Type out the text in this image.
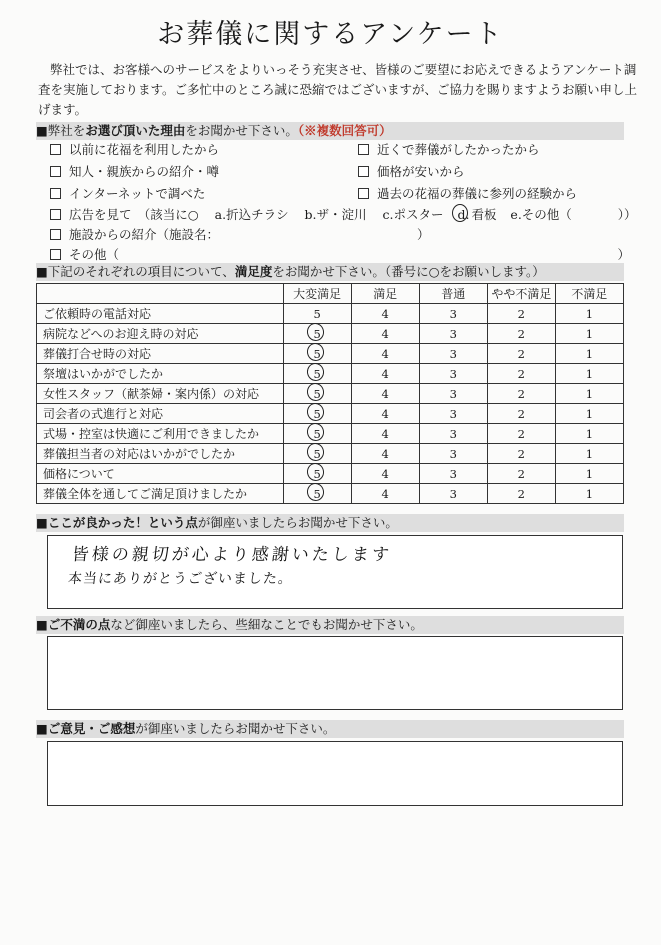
お葬儀に関するアンケート
弊社では、お客様へのサービスをよりいっそう充実させ、皆様のご要望にお応えできるようアンケート調査を実施しております。ご多忙中のところ誠に恐縮ではございますが、ご協力を賜りますようお願い申し上げます。
■弊社をお選び頂いた理由をお聞かせ下さい。（※複数回答可）
以前に花福を利用したから	近くで葬儀がしたかったから
知人・親族からの紹介・噂	価格が安いから
インターネットで調べた	過去の花福の葬儀に参列の経験から
広告を見て　（該当に○ a.折込チラシ b.ザ・淀川 c.ポスター d. 看板 e.その他（	））
施設からの紹介（施設名：	）
その他（	）
■下記のそれぞれの項目について、満足度をお聞かせ下さい。（番号に○をお願いします。）
	大変満足	満足	普通	やや不満足	不満足
ご依頼時の電話対応	5	4	3	2	1
病院などへのお迎え時の対応	5	4	3	2	1
葬儀打合せ時の対応	5	4	3	2	1
祭壇はいかがでしたか	5	4	3	2	1
女性スタッフ（献茶婦・案内係）の対応	5	4	3	2	1
司会者の式進行と対応	5	4	3	2	1
式場・控室は快適にご利用できましたか	5	4	3	2	1
葬儀担当者の対応はいかがでしたか	5	4	3	2	1
価格について	5	4	3	2	1
葬儀全体を通してご満足頂けましたか	5	4	3	2	1
■ここが良かった！という点が御座いましたらお聞かせ下さい。
皆様の親切が心より感謝いたします
本当にありがとうございました。
■ご不満の点など御座いましたら、些細なことでもお聞かせ下さい。
■ご意見・ご感想が御座いましたらお聞かせ下さい。
